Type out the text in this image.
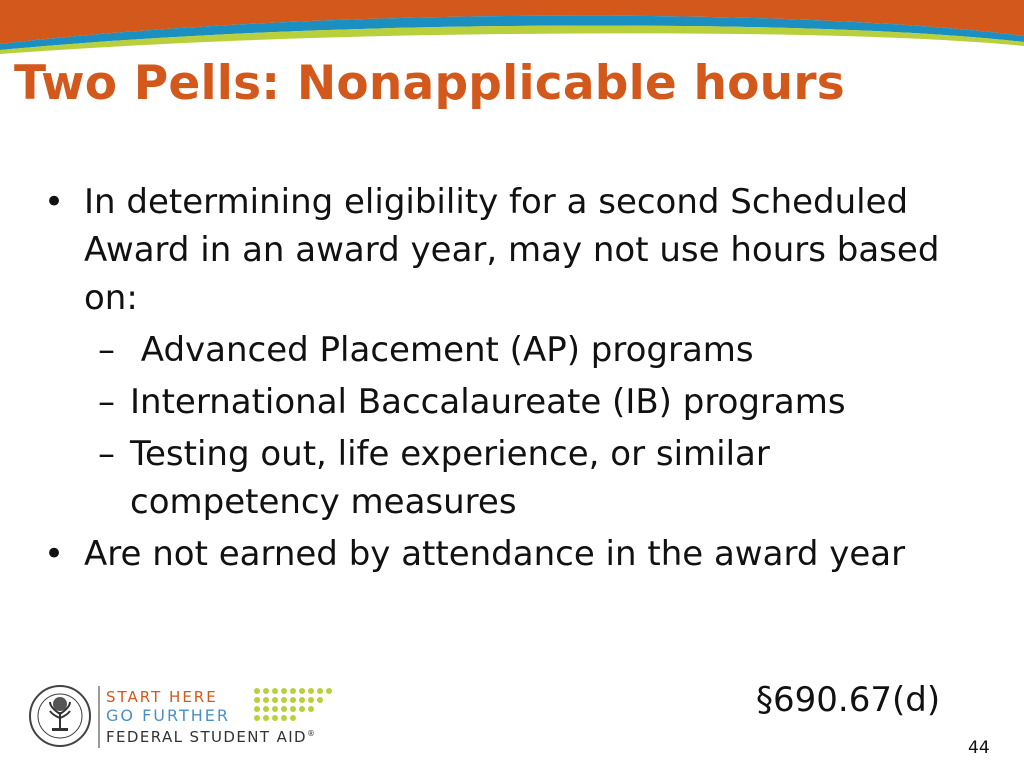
Two Pells: Nonapplicable hours
• In determining eligibility for a second Scheduled Award in an award year, may not use hours based on:
– Advanced Placement (AP) programs
– International Baccalaureate (IB) programs
– Testing out, life experience, or similar competency measures
• Are not earned by attendance in the award year
§690.67(d)
START HERE
GO FURTHER
FEDERAL STUDENT AID®
44
